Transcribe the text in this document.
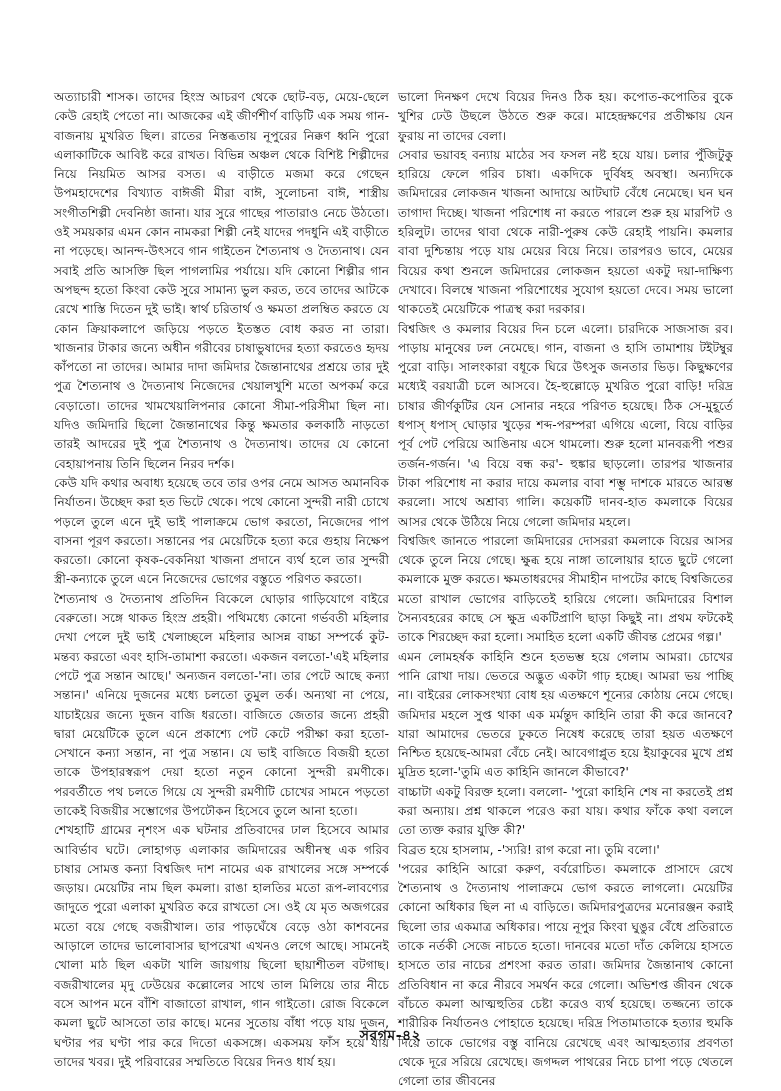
অত্যাচারী শাসক। তাদের হিংস্র আচরণ থেকে ছোট-বড়, মেয়ে-ছেলে কেউ রেহাই পেতো না। আজকের এই জীর্ণশীর্ণ বাড়িটি এক সময় গান-বাজনায় মুখরিত ছিল। রাতের নিস্তব্ধতায় নূপুরের নিক্কণ ধ্বনি পুরো এলাকাটিকে আবিষ্ট করে রাখত। বিভিন্ন অঞ্চল থেকে বিশিষ্ট শিল্পীদের নিয়ে নিয়মিত আসর বসত। এ বাড়ীতে মজমা করে গেছেন উপমহাদেশের বিখ্যাত বাঈজী মীরা বাঈ, সুলোচনা বাঈ, শাস্ত্রীয় সংগীতশিল্পী দেবনিষ্ঠা জানা। যার সুরে গাছের পাতারাও নেচে উঠতো। ওই সময়কার এমন কোন নামকরা শিল্পী নেই যাদের পদধুনি এই বাড়ীতে না পড়েছে। আনন্দ-উৎসবে গান গাইতেন শৈত্যনাথ ও দৈত্যনাথ। যেন সবাই প্রতি আসক্তি ছিল পাগলামির পর্যায়ে। যদি কোনো শিল্পীর গান অপছন্দ হতো কিংবা কেউ সুরে সামান্য ভুল করত, তবে তাদের আটকে রেখে শাস্তি দিতেন দুই ভাই। স্বার্থ চরিতার্থ ও ক্ষমতা প্রলম্বিত করতে যে কোন ক্রিয়াকলাপে জড়িয়ে পড়তে ইতস্তত বোধ করত না তারা। খাজনার টাকার জন্যে অধীন গরীবের চাষাভুষাদের হত্যা করতেও হৃদয় কাঁপতো না তাদের। আমার দাদা জমিদার জৈন্তানাথের প্রশ্রয়ে তার দুই পুত্র শৈত্যনাথ ও দৈত্যনাথ নিজেদের খেয়ালখুশি মতো অপকর্ম করে বেড়াতো। তাদের খামখেয়ালিপনার কোনো সীমা-পরিসীমা ছিল না। যদিও জমিদারি ছিলো জৈন্তানাথের কিন্তু ক্ষমতার কলকাঠি নাড়তো তারই আদরের দুই পুত্র শৈত্যনাথ ও দৈত্যনাথ। তাদের যে কোনো বেহায়াপনায় তিনি ছিলেন নিরব দর্শক।

কেউ যদি কথার অবাধ্য হয়েছে তবে তার ওপর নেমে আসত অমানবিক নির্যাতন। উচ্ছেদ করা হত ভিটে থেকে। পথে কোনো সুন্দরী নারী চোখে পড়লে তুলে এনে দুই ভাই পালাক্রমে ভোগ করতো, নিজেদের পাপ বাসনা পূরণ করতো। সন্তানের পর মেয়েটিকে হত্যা করে গুহায় নিক্ষেপ করতো। কোনো কৃষক-বেকনিয়া খাজনা প্রদানে ব্যর্থ হলে তার সুন্দরী স্ত্রী-কন্যাকে তুলে এনে নিজেদের ভোগের বস্তুতে পরিণত করতো।

শৈত্যনাথ ও দৈত্যনাথ প্রতিদিন বিকেলে ঘোড়ার গাড়িযোগে বাইরে বেরুতো। সঙ্গে থাকত হিংস্র প্রহরী। পথিমধ্যে কোনো গর্ভবতী মহিলার দেখা পেলে দুই ভাই খেলাচ্ছলে মহিলার আসন্ন বাচ্চা সম্পর্কে কুট-মন্তব্য করতো এবং হাসি-তামাশা করতো। একজন বলতো-'এই মহিলার পেটে পুত্র সন্তান আছে।' অন্যজন বলতো-'না। তার পেটে আছে কন্যা সন্তান।' এনিয়ে দুজনের মধ্যে চলতো তুমুল তর্ক। অন্যথা না পেয়ে, যাচাইয়ের জন্যে দুজন বাজি ধরতো। বাজিতে জেতার জন্যে প্রহরী দ্বারা মেয়েটিকে তুলে এনে প্রকাশ্যে পেট কেটে পরীক্ষা করা হতো-সেখানে কন্যা সন্তান, না পুত্র সন্তান। যে ভাই বাজিতে বিজয়ী হতো তাকে উপহারস্বরূপ দেয়া হতো নতুন কোনো সুন্দরী রমণীকে। পরবর্তীতে পথ চলতে গিয়ে যে সুন্দরী রমণীটি চোখের সামনে পড়তো তাকেই বিজয়ীর সম্ভোগের উপঢৌকন হিসেবে তুলে আনা হতো।

শেখহাটি গ্রামের নৃশংস এক ঘটনার প্রতিবাদের ঢাল হিসেবে আমার আবির্ভাব ঘটে। লোহাগড় এলাকার জমিদারের অধীনস্থ এক গরিব চাষার সোমত্ত কন্যা বিশ্বজিৎ দাশ নামের এক রাখালের সঙ্গে সম্পর্কে জড়ায়। মেয়েটির নাম ছিল কমলা। রাঙা হালতির মতো রূপ-লাবণ্যের জাদুতে পুরো এলাকা মুখরিত করে রাখতো সে। ওই যে মৃত অজগরের মতো বয়ে গেছে বজরীখাল। তার পাড়ঘেঁষে বেড়ে ওঠা কাশবনের আড়ালে তাদের ভালোবাসার ছাপরেখা এখনও লেগে আছে। সামনেই খোলা মাঠ ছিল একটা খালি জায়গায় ছিলো ছায়াশীতল বটগাছ। বজরীখালের মৃদু ঢেউয়ের কল্লোলের সাথে তাল মিলিয়ে তার নীচে বসে আপন মনে বাঁশি বাজাতো রাখাল, গান গাইতো। রোজ বিকেলে কমলা ছুটে আসতো তার কাছে। মনের সুতোয় বাঁধা পড়ে যায় দুজন, ঘণ্টার পর ঘণ্টা পার করে দিতো একসঙ্গে। একসময় ফাঁস হয়ে যায় তাদের খবর। দুই পরিবারের সম্মতিতে বিয়ের দিনও ধার্য হয়।

ভালো দিনক্ষণ দেখে বিয়ের দিনও ঠিক হয়। কপোত-কপোতির বুকে খুশির ঢেউ উছলে উঠতে শুরু করে। মাহেন্দ্রক্ষণের প্রতীক্ষায় যেন ফুরায় না তাদের বেলা।

সেবার ভয়াবহ বন্যায় মাঠের সব ফসল নষ্ট হয়ে যায়। চলার পুঁজিটুকু হারিয়ে ফেলে গরিব চাষা। একদিকে দুর্বিষহ অবস্থা। অন্যদিকে জমিদারের লোকজন খাজনা আদায়ে আটঘাট বেঁধে নেমেছে। ঘন ঘন তাগাদা দিচ্ছে। খাজনা পরিশোধ না করতে পারলে শুরু হয় মারপিট ও হরিলুট। তাদের থাবা থেকে নারী-পুরুষ কেউ রেহাই পায়নি। কমলার বাবা দুশ্চিন্তায় পড়ে যায় মেয়ের বিয়ে নিয়ে। তারপরও ভাবে, মেয়ের বিয়ের কথা শুনলে জমিদারের লোকজন হয়তো একটু দয়া-দাক্ষিণ্য দেখাবে। বিলম্বে খাজনা পরিশোধের সুযোগ হয়তো দেবে। সময় ভালো থাকতেই মেয়েটিকে পাত্রস্থ করা দরকার।

বিশ্বজিৎ ও কমলার বিয়ের দিন চলে এলো। চারদিকে সাজসাজ রব। পাড়ায় মানুষের ঢল নেমেছে। গান, বাজনা ও হাসি তামাশায় টইটম্বুর পুরো বাড়ি। সালংকারা বধূকে ঘিরে উৎসুক জনতার ভিড়। কিছুক্ষণের মধ্যেই বরযাত্রী চলে আসবে। হৈ-হুল্লোড়ে মুখরিত পুরো বাড়ি! দরিদ্র চাষার জীর্ণকুটির যেন সোনার নহরে পরিণত হয়েছে। ঠিক সে-মুহূর্তে ধপাস্ ধপাস্ ঘোড়ার খুড়ের শব্দ-পরম্পরা এগিয়ে এলো, বিয়ে বাড়ির পূর্ব পেট পেরিয়ে আঙিনায় এসে থামলো। শুরু হলো মানবরূপী পশুর তর্জন-গর্জন। 'এ বিয়ে বন্ধ কর'- হুঙ্কার ছাড়লো। তারপর খাজনার টাকা পরিশোধ না করার দায়ে কমলার বাবা শম্ভু দাশকে মারতে আরম্ভ করলো। সাথে অশ্রাব্য গালি। কয়েকটি দানব-হাত কমলাকে বিয়ের আসর থেকে উঠিয়ে নিয়ে গেলো জমিদার মহলে।

বিশ্বজিৎ জানতে পারলো জমিদারের দোসররা কমলাকে বিয়ের আসর থেকে তুলে নিয়ে গেছে। ক্ষুব্ধ হয়ে নাঙ্গা তালোয়ার হাতে ছুটে গেলো কমলাকে মুক্ত করতে। ক্ষমতাধরদের সীমাহীন দাপটের কাছে বিশ্বজিতের মতো রাখাল ভোগের বাড়িতেই হারিয়ে গেলো। জমিদারের বিশাল সৈন্যবহরের কাছে সে ক্ষুদ্র একটিপ্রাণি ছাড়া কিছুই না। প্রথম ফটকেই তাকে শিরচ্ছেদ করা হলো। সমাহিত হলো একটি জীবন্ত প্রেমের গল্প।'

এমন লোমহর্ষক কাহিনি শুনে হতভম্ভ হয়ে গেলাম আমরা। চোখের পানি রোখা দায়। ভেতরে অদ্ভুত একটা গাঢ় হচ্ছে। আমরা ভয় পাচ্ছি না। বাইরের লোকসংখ্যা বোধ হয় এতক্ষণে শূন্যের কোঠায় নেমে গেছে। জমিদার মহলে সুপ্ত থাকা এক মর্মন্তুদ কাহিনি তারা কী করে জানবে? যারা আমাদের ভেতরে ঢুকতে নিষেধ করেছে তারা হয়ত এতক্ষণে নিশ্চিত হয়েছে-আমরা বেঁচে নেই। আবেগাপ্লুত হয়ে ইয়াকুবের মুখে প্রশ্ন মুদ্রিত হলো-'তুমি এত কাহিনি জানলে কীভাবে?'

বাচ্চাটা একটু বিরক্ত হলো। বললো- 'পুরো কাহিনি শেষ না করতেই প্রশ্ন করা অন্যায়। প্রশ্ন থাকলে পরেও করা যায়। কথার ফাঁকে কথা বললে তো ত্যক্ত করার যুক্তি কী?'

বিব্রত হয়ে হাসলাম, -'স্যরি! রাগ করো না। তুমি বলো।'

'পরের কাহিনি আরো করুণ, বর্বরোচিত। কমলাকে প্রাসাদে রেখে শৈত্যনাথ ও দৈত্যনাথ পালাক্রমে ভোগ করতে লাগলো। মেয়েটির কোনো অধিকার ছিল না এ বাড়িতে। জমিদারপুত্রদের মনোরঞ্জন করাই ছিলো তার একমাত্র অধিকার। পায়ে নূপুর কিংবা ঘুঙুর বেঁধে প্রতিরাতে তাকে নর্তকী সেজে নাচতে হতো। দানবের মতো দাঁত কেলিয়ে হাসতে হাসতে তার নাচের প্রশংসা করত তারা। জমিদার জৈন্তানাথ কোনো প্রতিবিধান না করে নীরবে সমর্থন করে গেলো। অভিশপ্ত জীবন থেকে বাঁচতে কমলা আত্মহুতির চেষ্টা করেও ব্যর্থ হয়েছে। তজ্জন্যে তাকে শারীরিক নির্যাতনও পোহাতে হয়েছে। দরিদ্র পিতামাতাকে হত্যার হুমকি দিয়ে তাকে ভোগের বস্তু বানিয়ে রেখেছে এবং আত্মহত্যার প্রবণতা থেকে দূরে সরিয়ে রেখেছে। জগদ্দল পাথরের নিচে চাপা পড়ে থেতলে গেলো তার জীবনের

সরগম-৪২
